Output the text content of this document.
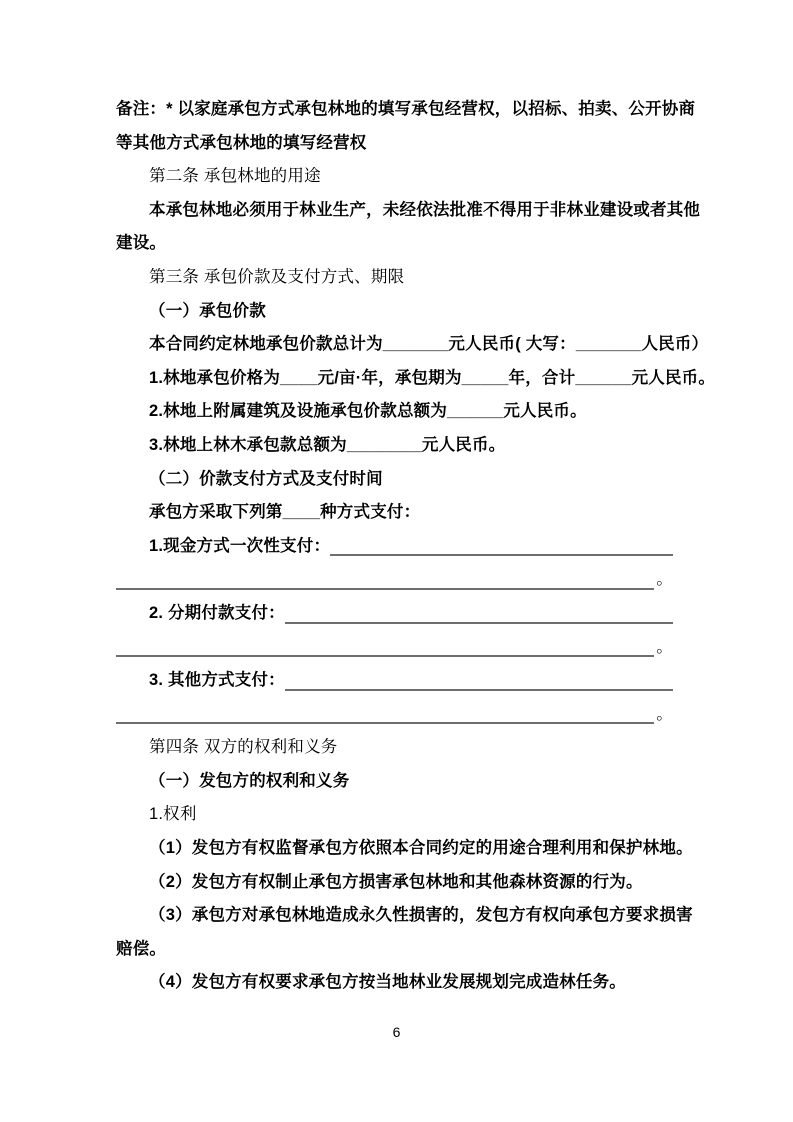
备注：* 以家庭承包方式承包林地的填写承包经营权，以招标、拍卖、公开协商
等其他方式承包林地的填写经营权
第二条 承包林地的用途
本承包林地必须用于林业生产，未经依法批准不得用于非林业建设或者其他
建设。
第三条 承包价款及支付方式、期限
（一）承包价款
本合同约定林地承包价款总计为_______元人民币( 大写：_______人民币）
1.林地承包价格为____元/亩·年，承包期为_____年，合计______元人民币。
2.林地上附属建筑及设施承包价款总额为______元人民币。
3.林地上林木承包款总额为________元人民币。
（二）价款支付方式及支付时间
承包方采取下列第____种方式支付：
1.现金方式一次性支付：
。
2. 分期付款支付：
。
3. 其他方式支付：
。
第四条 双方的权利和义务
（一）发包方的权利和义务
1.权利
（1）发包方有权监督承包方依照本合同约定的用途合理利用和保护林地。
（2）发包方有权制止承包方损害承包林地和其他森林资源的行为。
（3）承包方对承包林地造成永久性损害的，发包方有权向承包方要求损害
赔偿。
（4）发包方有权要求承包方按当地林业发展规划完成造林任务。
6
